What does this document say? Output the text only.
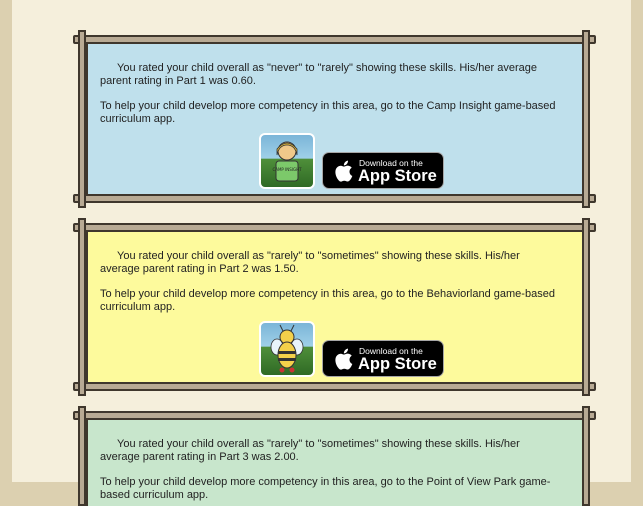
You rated your child overall as "never" to "rarely" showing these skills. His/her average parent rating in Part 1 was 0.60.

To help your child develop more competency in this area, go to the Camp Insight game-based curriculum app.

CAMP INSIGHT
Download on the
App Store

You rated your child overall as "rarely" to "sometimes" showing these skills. His/her average parent rating in Part 2 was 1.50.

To help your child develop more competency in this area, go to the Behaviorland game-based curriculum app.

Download on the
App Store

You rated your child overall as "rarely" to "sometimes" showing these skills. His/her average parent rating in Part 3 was 2.00.

To help your child develop more competency in this area, go to the Point of View Park game-based curriculum app.
